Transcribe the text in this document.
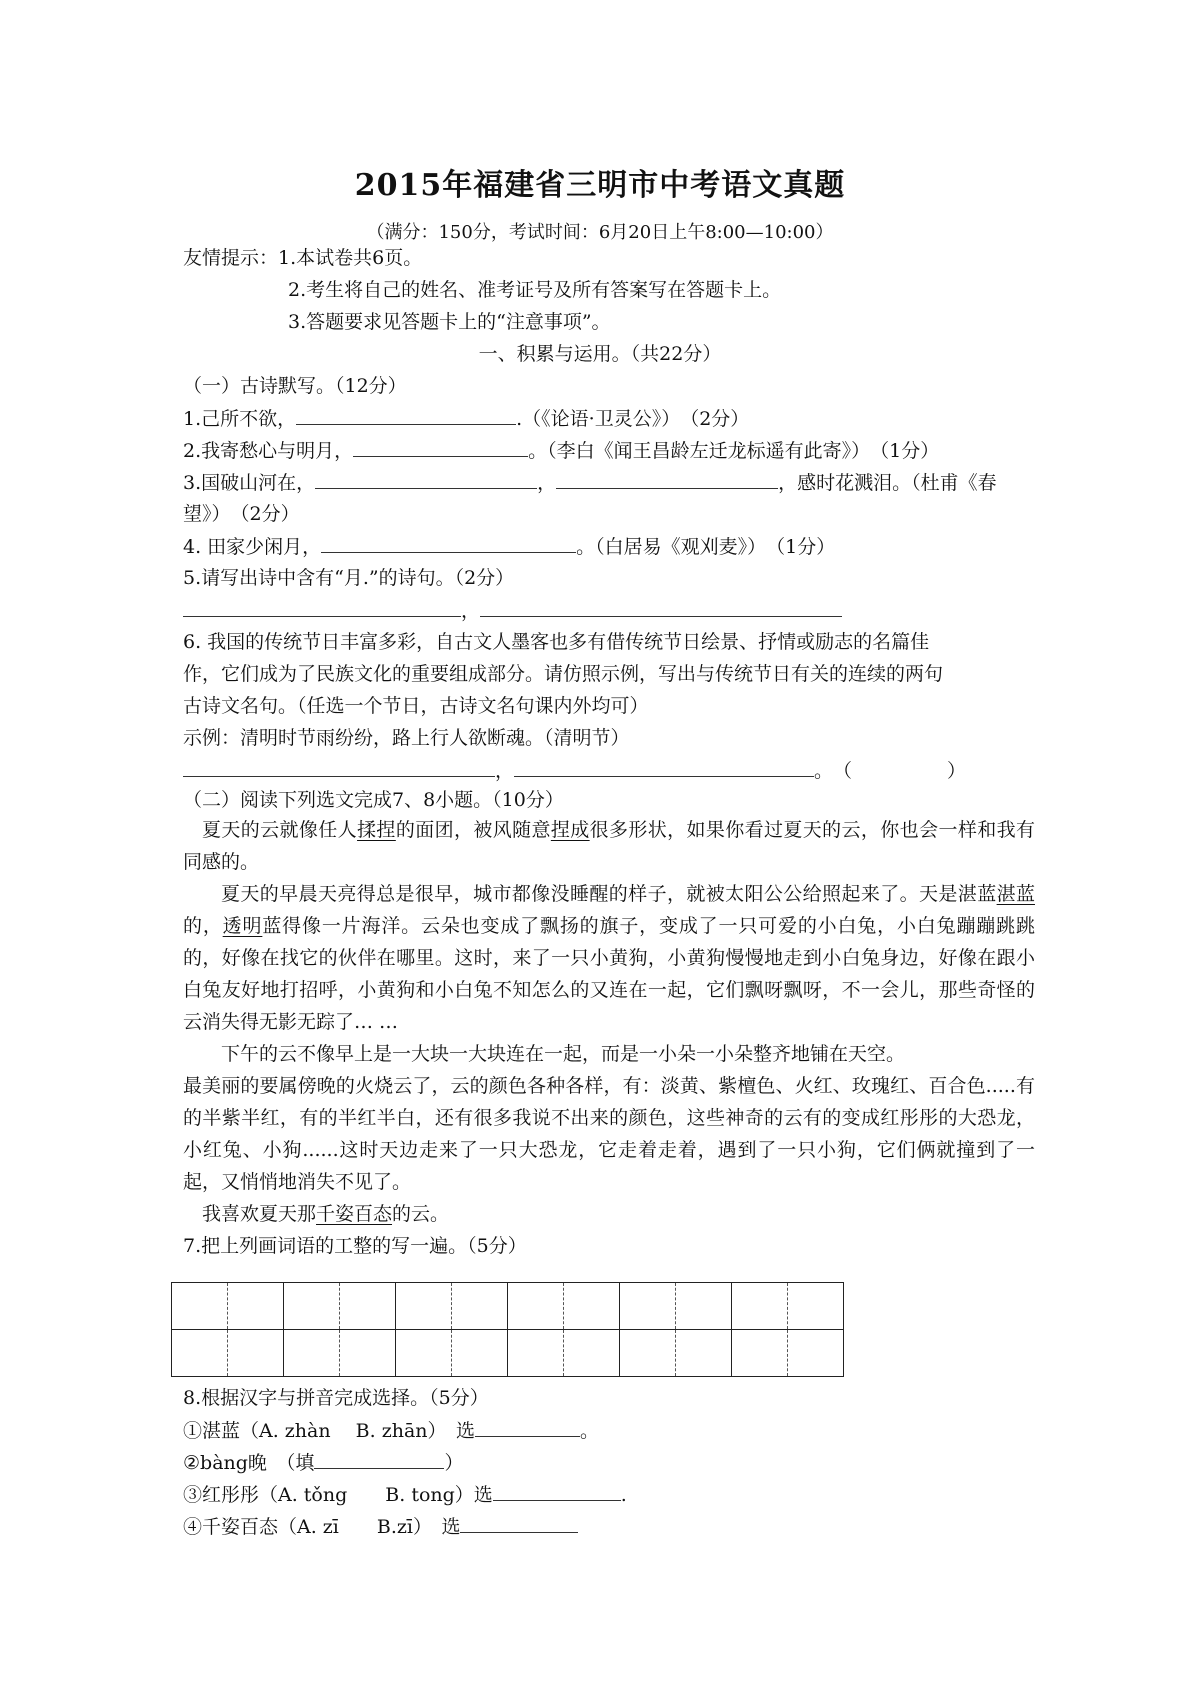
2015年福建省三明市中考语文真题
（满分：150分，考试时间：6月20日上午8:00—10:00）
友情提示：1.本试卷共6页。
2.考生将自己的姓名、准考证号及所有答案写在答题卡上。
3.答题要求见答题卡上的“注意事项”。
一、积累与运用。（共22分）
（一）古诗默写。（12分）
1.己所不欲，	.（《论语·卫灵公》）　（2分）
2.我寄愁心与明月，	。（李白《闻王昌龄左迁龙标遥有此寄》）　（1分）
3.国破山河在，	，	，感时花溅泪。（杜甫《春
望》）　（2分）
4. 田家少闲月，	。（白居易《观刈麦》）　（1分）
5.请写出诗中含有“月.”的诗句。（2分）
，
6. 我国的传统节日丰富多彩，自古文人墨客也多有借传统节日绘景、抒情或励志的名篇佳
作，它们成为了民族文化的重要组成部分。请仿照示例，写出与传统节日有关的连续的两句
古诗文名句。（任选一个节日，古诗文名句课内外均可）
示例：清明时节雨纷纷，路上行人欲断魂。（清明节）
，	。　（　　　　　）
（二）阅读下列选文完成7、8小题。（10分）

夏天的云就像任人揉捏的面团，被风随意捏成很多形状，如果你看过夏天的云，你也会一样和我有同感的。

夏天的早晨天亮得总是很早，城市都像没睡醒的样子，就被太阳公公给照起来了。天是湛蓝湛蓝的，透明蓝得像一片海洋。云朵也变成了飘扬的旗子，变成了一只可爱的小白兔，小白兔蹦蹦跳跳的，好像在找它的伙伴在哪里。这时，来了一只小黄狗，小黄狗慢慢地走到小白兔身边，好像在跟小白兔友好地打招呼，小黄狗和小白兔不知怎么的又连在一起，它们飘呀飘呀，不一会儿，那些奇怪的云消失得无影无踪了… …

下午的云不像早上是一大块一大块连在一起，而是一小朵一小朵整齐地铺在天空。

最美丽的要属傍晚的火烧云了，云的颜色各种各样，有：淡黄、紫檀色、火红、玫瑰红、百合色.....有的半紫半红，有的半红半白，还有很多我说不出来的颜色，这些神奇的云有的变成红彤彤的大恐龙，小红兔、小狗......这时天边走来了一只大恐龙，它走着走着，遇到了一只小狗，它们俩就撞到了一起，又悄悄地消失不见了。

我喜欢夏天那千姿百态的云。

7.把上列画词语的工整的写一遍。（5分）

8.根据汉字与拼音完成选择。（5分）
①湛蓝（A. zhàn　 B. zhān）　选	。
②bàng晚　（填	）
③红彤彤（A. tǒng　　B. tong）选	.
④千姿百态（A. zī　　B.zī）　选
